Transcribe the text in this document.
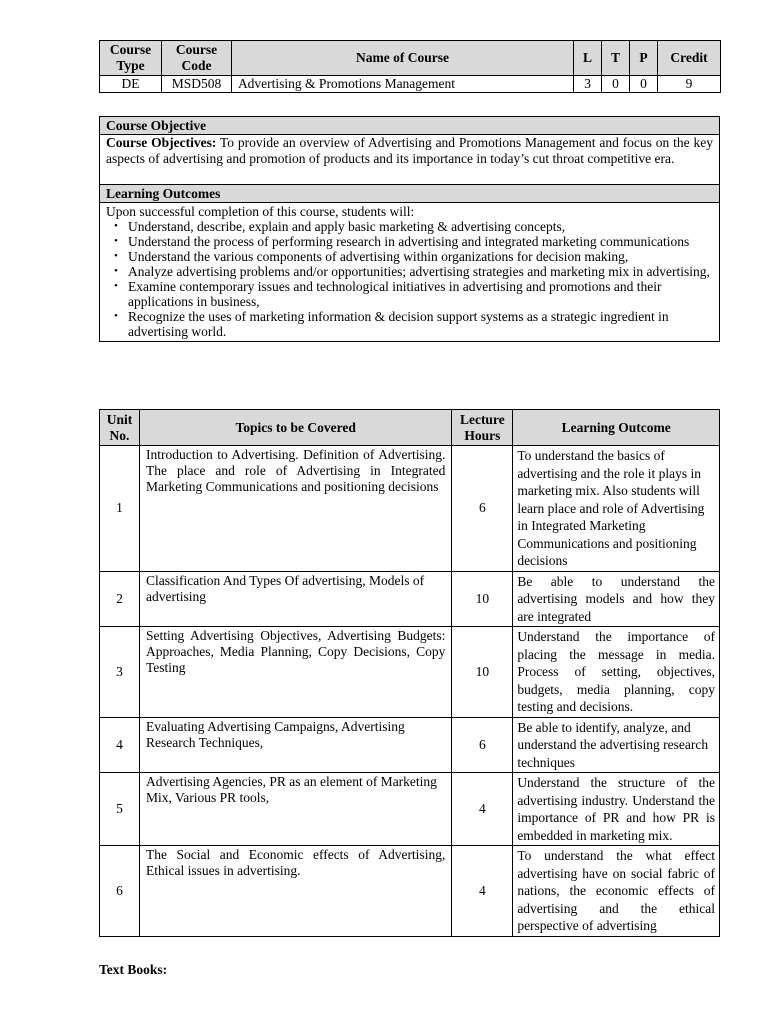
Course Type	Course Code	Name of Course	L	T	P	Credit
DE	MSD508	Advertising & Promotions Management	3	0	0	9
Course Objective
Course Objectives: To provide an overview of Advertising and Promotions Management and focus on the key aspects of advertising and promotion of products and its importance in today’s cut throat competitive era.
Learning Outcomes
Upon successful completion of this course, students will:
• Understand, describe, explain and apply basic marketing & advertising concepts,
• Understand the process of performing research in advertising and integrated marketing communications
• Understand the various components of advertising within organizations for decision making,
• Analyze advertising problems and/or opportunities; advertising strategies and marketing mix in advertising,
• Examine contemporary issues and technological initiatives in advertising and promotions and their applications in business,
• Recognize the uses of marketing information & decision support systems as a strategic ingredient in advertising world.
Unit No.	Topics to be Covered	Lecture Hours	Learning Outcome
1	Introduction to Advertising. Definition of Advertising. The place and role of Advertising in Integrated Marketing Communications and positioning decisions	6	To understand the basics of advertising and the role it plays in marketing mix. Also students will learn place and role of Advertising in Integrated Marketing Communications and positioning decisions
2	Classification And Types Of advertising, Models of advertising	10	Be able to understand the advertising models and how they are integrated
3	Setting Advertising Objectives, Advertising Budgets: Approaches, Media Planning, Copy Decisions, Copy Testing	10	Understand the importance of placing the message in media. Process of setting, objectives, budgets, media planning, copy testing and decisions.
4	Evaluating Advertising Campaigns, Advertising Research Techniques,	6	Be able to identify, analyze, and understand the advertising research techniques
5	Advertising Agencies, PR as an element of Marketing Mix, Various PR tools,	4	Understand the structure of the advertising industry. Understand the importance of PR and how PR is embedded in marketing mix.
6	The Social and Economic effects of Advertising, Ethical issues in advertising.	4	To understand the what effect advertising have on social fabric of nations, the economic effects of advertising and the ethical perspective of advertising
Text Books:
